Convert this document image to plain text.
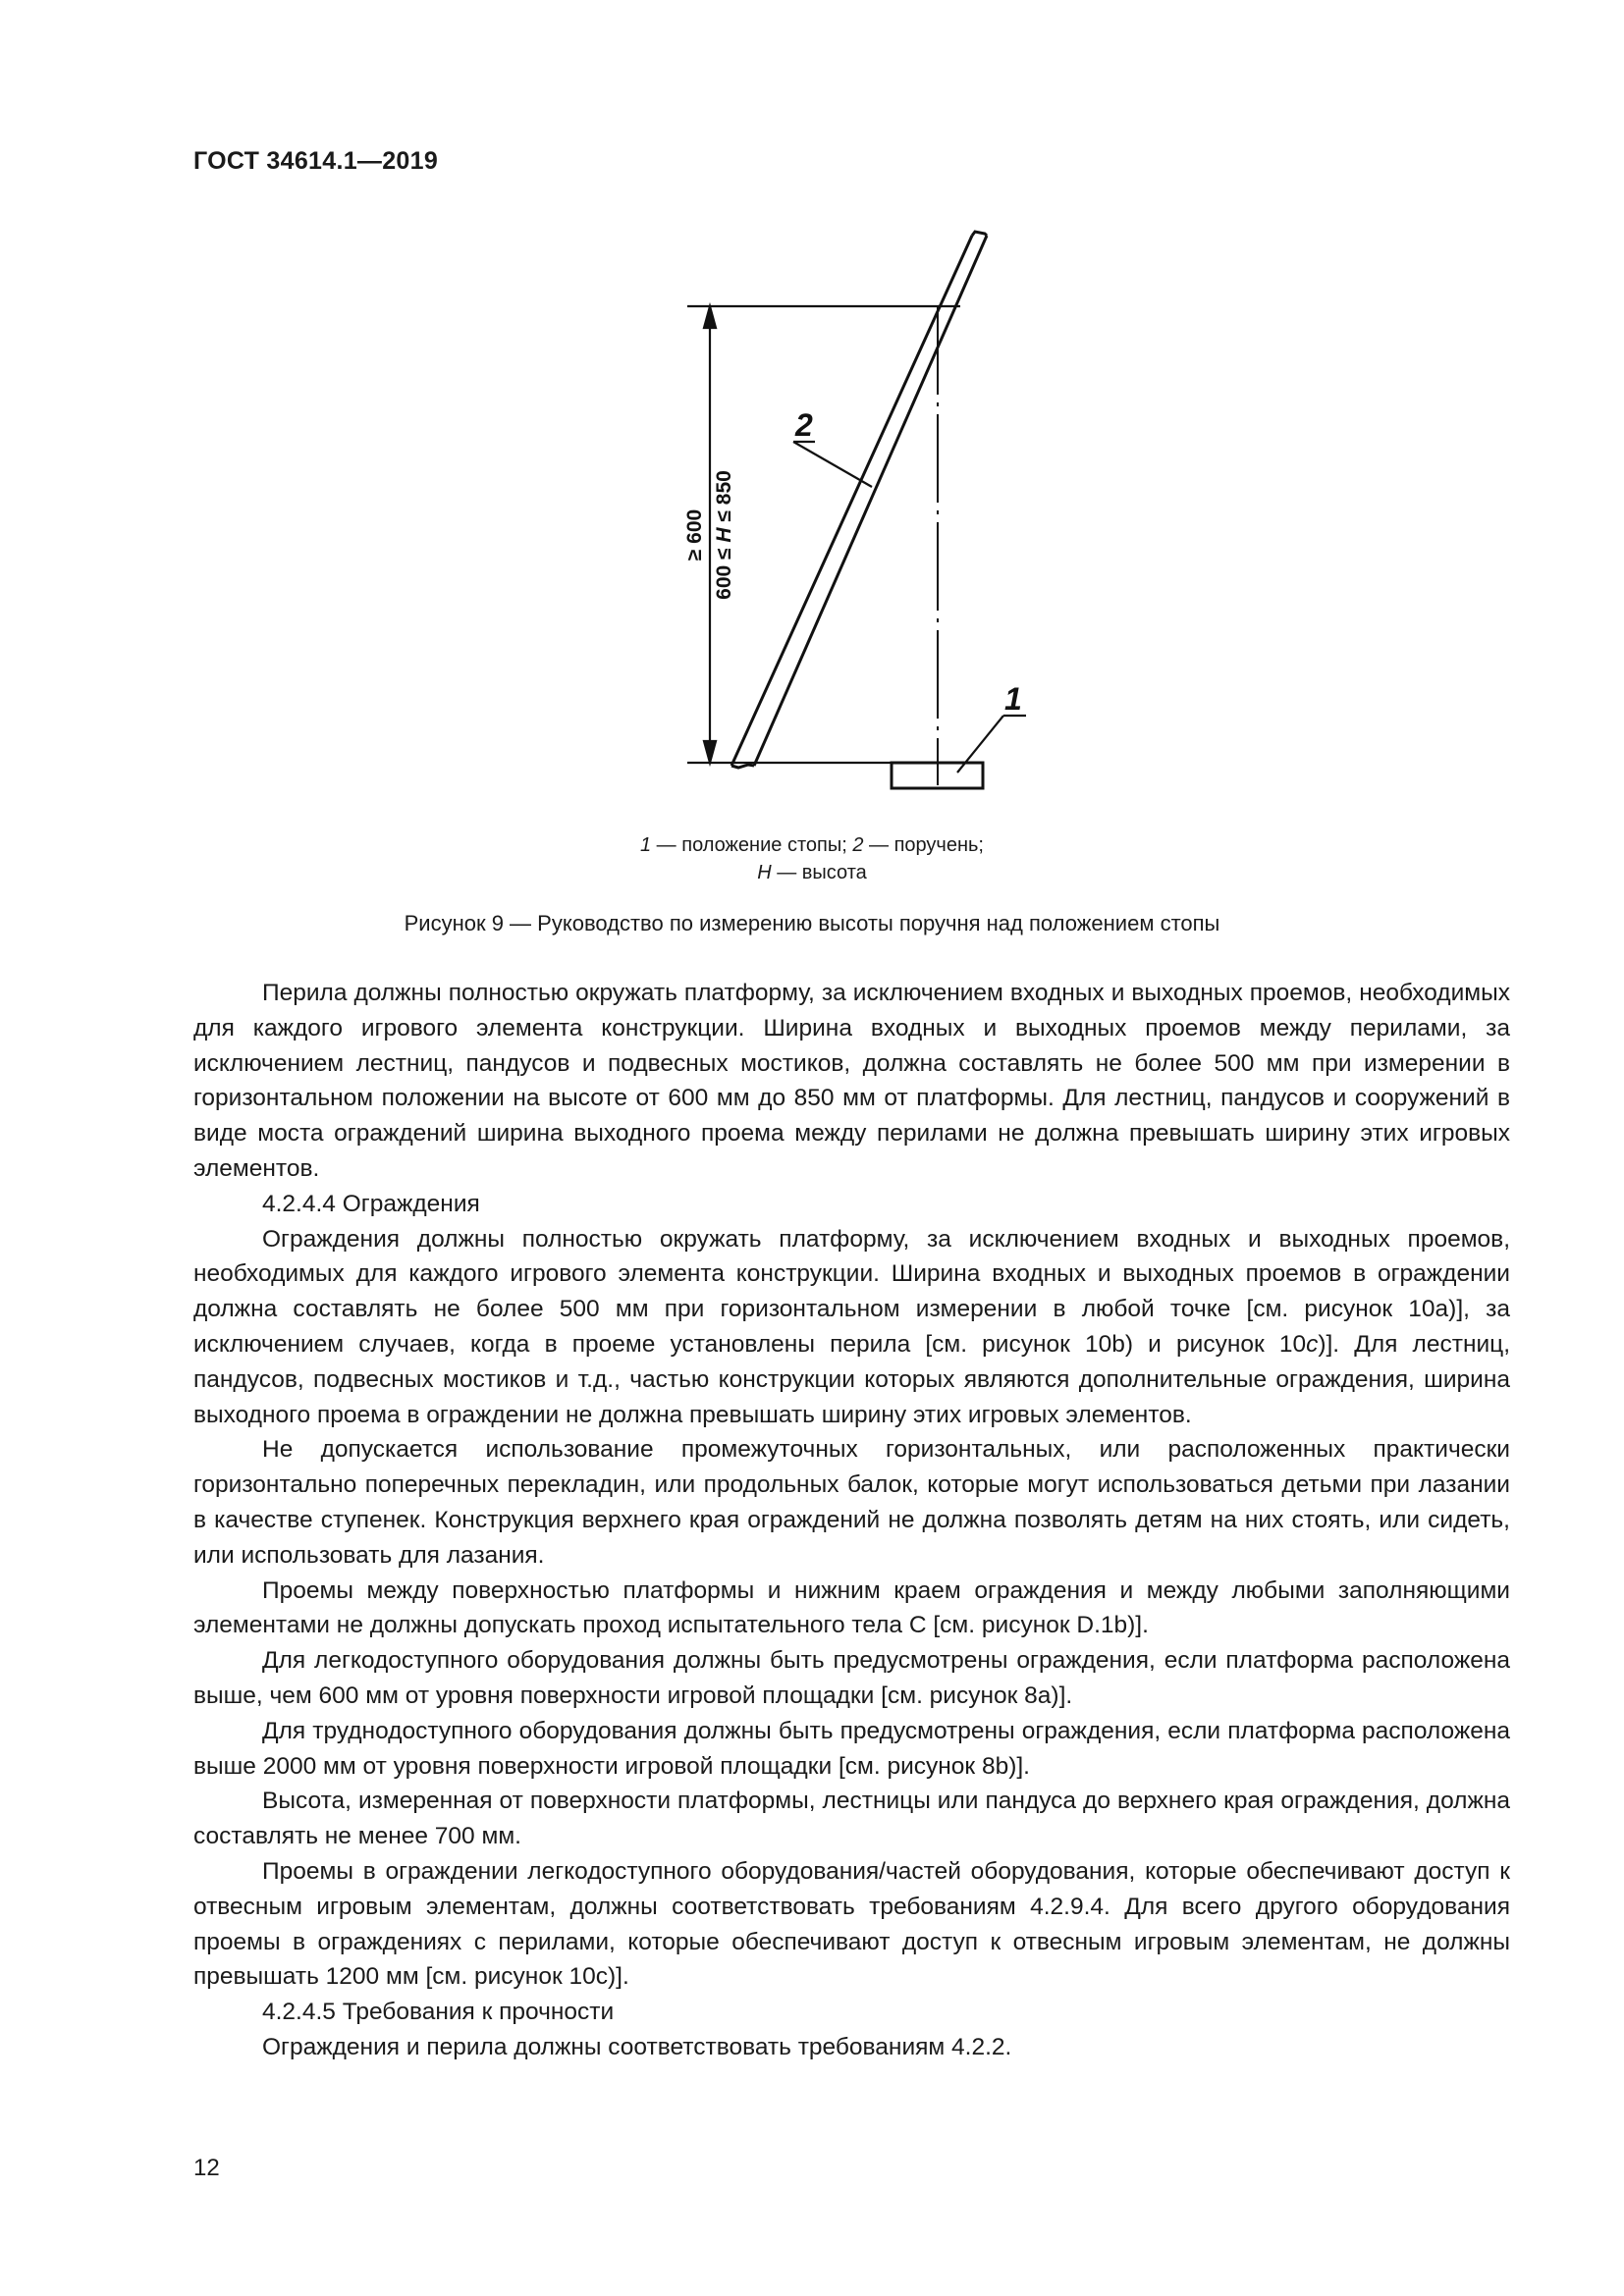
ГОСТ 34614.1—2019
1
2
≥ 600
600 ≤ H ≤ 850
1 — положение стопы; 2 — поручень;
H — высота
Рисунок 9 — Руководство по измерению высоты поручня над положением стопы

Перила должны полностью окружать платформу, за исключением входных и выходных проемов, необходимых для каждого игрового элемента конструкции. Ширина входных и выходных проемов между перилами, за исключением лестниц, пандусов и подвесных мостиков, должна составлять не более 500 мм при измерении в горизонтальном положении на высоте от 600 мм до 850 мм от платформы. Для лестниц, пандусов и сооружений в виде моста ограждений ширина выходного проема между перилами не должна превышать ширину этих игровых элементов.

4.2.4.4 Ограждения

Ограждения должны полностью окружать платформу, за исключением входных и выходных проемов, необходимых для каждого игрового элемента конструкции. Ширина входных и выходных проемов в ограждении должна составлять не более 500 мм при горизонтальном измерении в любой точке [см. рисунок 10a)], за исключением случаев, когда в проеме установлены перила [см. рисунок 10b) и рисунок 10c)]. Для лестниц, пандусов, подвесных мостиков и т.д., частью конструкции которых являются дополнительные ограждения, ширина выходного проема в ограждении не должна превышать ширину этих игровых элементов.

Не допускается использование промежуточных горизонтальных, или расположенных практически горизонтально поперечных перекладин, или продольных балок, которые могут использоваться детьми при лазании в качестве ступенек. Конструкция верхнего края ограждений не должна позволять детям на них стоять, или сидеть, или использовать для лазания.

Проемы между поверхностью платформы и нижним краем ограждения и между любыми заполняющими элементами не должны допускать проход испытательного тела C [см. рисунок D.1b)].

Для легкодоступного оборудования должны быть предусмотрены ограждения, если платформа расположена выше, чем 600 мм от уровня поверхности игровой площадки [см. рисунок 8a)].

Для труднодоступного оборудования должны быть предусмотрены ограждения, если платформа расположена выше 2000 мм от уровня поверхности игровой площадки [см. рисунок 8b)].

Высота, измеренная от поверхности платформы, лестницы или пандуса до верхнего края ограждения, должна составлять не менее 700 мм.

Проемы в ограждении легкодоступного оборудования/частей оборудования, которые обеспечивают доступ к отвесным игровым элементам, должны соответствовать требованиям 4.2.9.4. Для всего другого оборудования проемы в ограждениях с перилами, которые обеспечивают доступ к отвесным игровым элементам, не должны превышать 1200 мм [см. рисунок 10c)].

4.2.4.5 Требования к прочности

Ограждения и перила должны соответствовать требованиям 4.2.2.

12
